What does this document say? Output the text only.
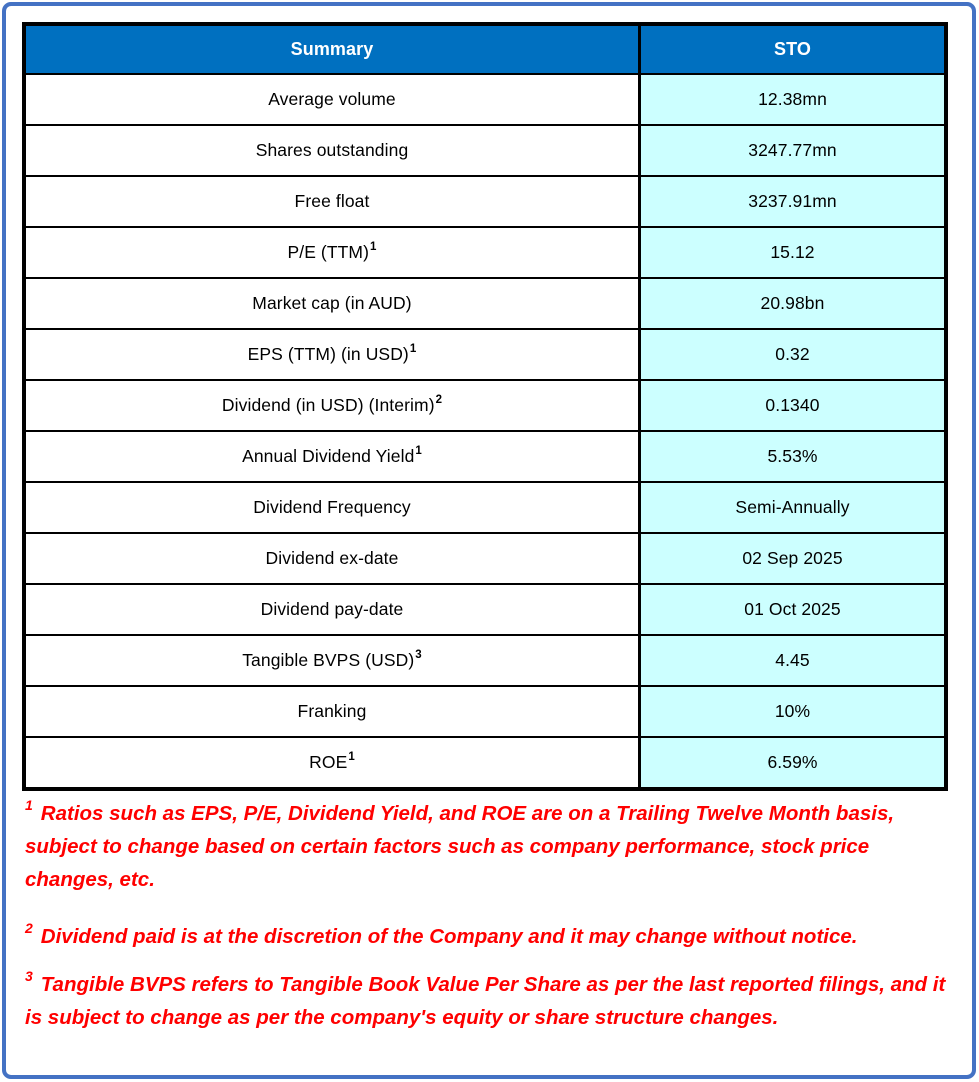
Summary	STO
Average volume	12.38mn
Shares outstanding	3247.77mn
Free float	3237.91mn
P/E (TTM)$^1$	15.12
Market cap (in AUD)	20.98bn
EPS (TTM) (in USD)$^1$	0.32
Dividend (in USD) (Interim)$^2$	0.1340
Annual Dividend Yield$^1$	5.53%
Dividend Frequency	Semi-Annually
Dividend ex-date	02 Sep 2025
Dividend pay-date	01 Oct 2025
Tangible BVPS (USD)$^3$	4.45
Franking	10%
ROE$^1$	6.59%

$^1$ Ratios such as EPS, P/E, Dividend Yield, and ROE are on a Trailing Twelve Month basis, subject to change based on certain factors such as company performance, stock price changes, etc.

$^2$ Dividend paid is at the discretion of the Company and it may change without notice.

$^3$ Tangible BVPS refers to Tangible Book Value Per Share as per the last reported filings, and it is subject to change as per the company's equity or share structure changes.
